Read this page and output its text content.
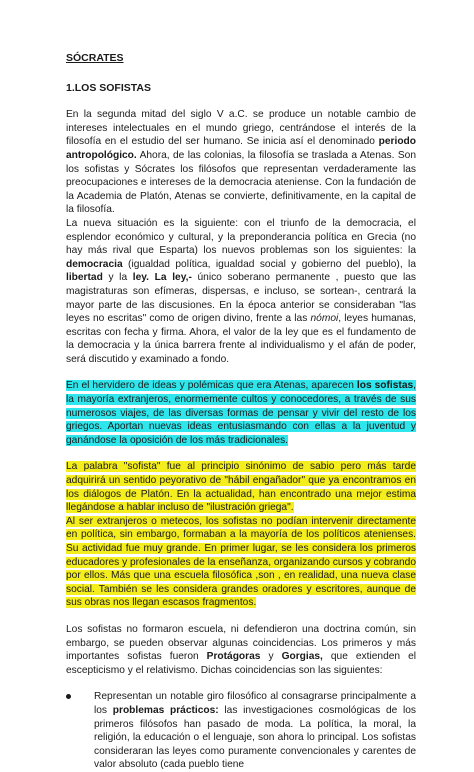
SÓCRATES
1.LOS SOFISTAS

En la segunda mitad del siglo V a.C. se produce un notable cambio de intereses intelectuales en el mundo griego, centrándose el interés de la filosofía en el estudio del ser humano. Se inicia así el denominado periodo antropológico. Ahora, de las colonias, la filosofía se traslada a Atenas. Son los sofistas y Sócrates los filósofos que representan verdaderamente las preocupaciones e intereses de la democracia ateniense. Con la fundación de la Academia de Platón, Atenas se convierte, definitivamente, en la capital de la filosofía.

La nueva situación es la siguiente: con el triunfo de la democracia, el esplendor económico y cultural, y la preponderancia política en Grecia (no hay más rival que Esparta) los nuevos problemas son los siguientes: la democracia (igualdad política, igualdad social y gobierno del pueblo), la libertad y la ley. La ley,- único soberano permanente , puesto que las magistraturas son efímeras, dispersas, e incluso, se sortean-, centrará la mayor parte de las discusiones. En la época anterior se consideraban "las leyes no escritas" como de origen divino, frente a las nómoi, leyes humanas, escritas con fecha y firma. Ahora, el valor de la ley que es el fundamento de la democracia y la única barrera frente al individualismo y el afán de poder, será discutido y examinado a fondo.

En el hervidero de ideas y polémicas que era Atenas, aparecen los sofistas, la mayoría extranjeros, enormemente cultos y conocedores, a través de sus numerosos viajes, de las diversas formas de pensar y vivir del resto de los griegos. Aportan nuevas ideas entusiasmando con ellas a la juventud y ganándose la oposición de los más tradicionales.

La palabra "sofista" fue al principio sinónimo de sabio pero más tarde adquirirá un sentido peyorativo de "hábil engañador" que ya encontramos en los diálogos de Platón. En la actualidad, han encontrado una mejor estima llegándose a hablar incluso de "ilustración griega".

Al ser extranjeros o metecos, los sofistas no podían intervenir directamente en política, sin embargo, formaban a la mayoría de los políticos atenienses. Su actividad fue muy grande. En primer lugar, se les considera los primeros educadores y profesionales de la enseñanza, organizando cursos y cobrando por ellos. Más que una escuela filosófica ,son , en realidad, una nueva clase social. También se les considera grandes oradores y escritores, aunque de sus obras nos llegan escasos fragmentos.

Los sofistas no formaron escuela, ni defendieron una doctrina común, sin embargo, se pueden observar algunas coincidencias. Los primeros y más importantes sofistas fueron Protágoras y Gorgias, que extienden el escepticismo y el relativismo. Dichas coincidencias son las siguientes:

Representan un notable giro filosófico al consagrarse principalmente a los problemas prácticos: las investigaciones cosmológicas de los primeros filósofos han pasado de moda. La política, la moral, la religión, la educación o el lenguaje, son ahora lo principal. Los sofistas consideraran las leyes como puramente convencionales y carentes de valor absoluto (cada pueblo tiene
